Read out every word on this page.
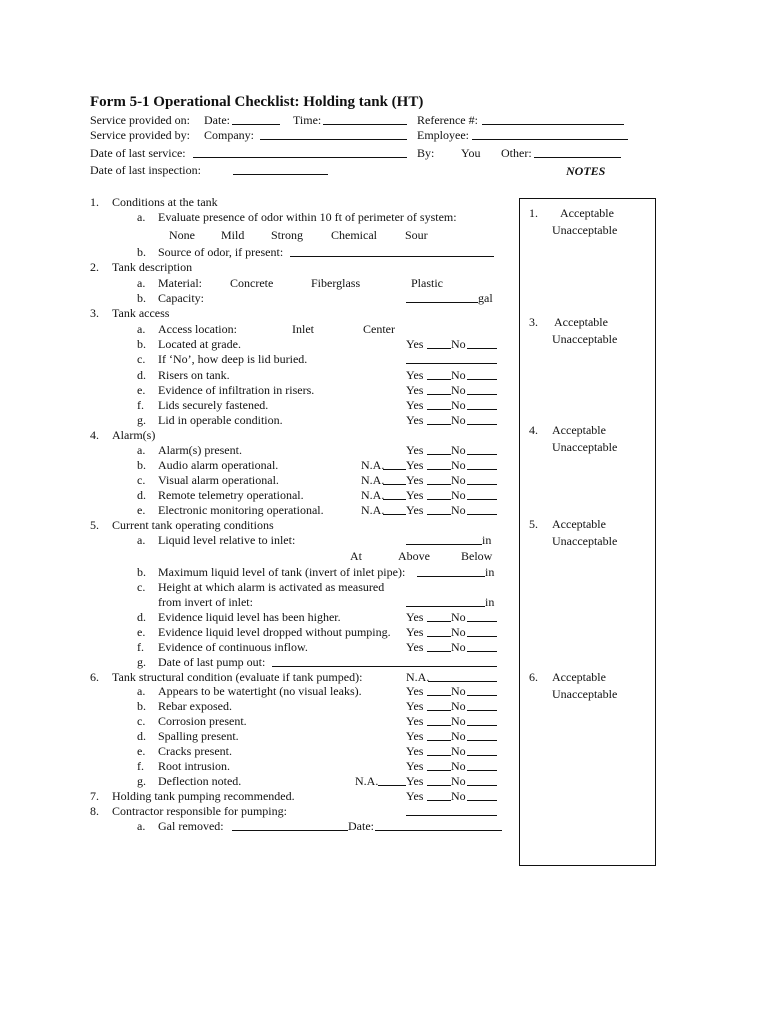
Form 5-1 Operational Checklist: Holding tank (HT)
Service provided on: Date:	Time:	Reference #:
Service provided by: Company:	Employee:
Date of last service:	By: You Other:
Date of last inspection:	NOTES
1. Conditions at the tank
a. Evaluate presence of odor within 10 ft of perimeter of system:
None Mild Strong Chemical Sour
b. Source of odor, if present:
2. Tank description
a. Material: Concrete	Fiberglass	Plastic
b. Capacity:	gal
3. Tank access
a. Access location:	Inlet	Center
b. Located at grade.	Yes No
c. If ‘No’, how deep is lid buried.
d. Risers on tank.	Yes No
e. Evidence of infiltration in risers.	Yes No
f. Lids securely fastened.	Yes No
g. Lid in operable condition.	Yes No
4. Alarm(s)
a. Alarm(s) present.	Yes No
b. Audio alarm operational.	N.A. Yes No
c. Visual alarm operational.	N.A. Yes No
d. Remote telemetry operational.	N.A. Yes No
e. Electronic monitoring operational.	N.A. Yes No
5. Current tank operating conditions
a. Liquid level relative to inlet:	in
At	Above	Below
b. Maximum liquid level of tank (invert of inlet pipe):	in
c. Height at which alarm is activated as measured
from invert of inlet:	in
d. Evidence liquid level has been higher.	Yes No
e. Evidence liquid level dropped without pumping. Yes No
f. Evidence of continuous inflow.	Yes No
g. Date of last pump out:
6. Tank structural condition (evaluate if tank pumped):	N.A.
a. Appears to be watertight (no visual leaks).	Yes No
b. Rebar exposed.	Yes No
c. Corrosion present.	Yes No
d. Spalling present.	Yes No
e. Cracks present.	Yes No
f. Root intrusion.	Yes No
g. Deflection noted.	N.A. Yes No
7. Holding tank pumping recommended.	Yes No
8. Contractor responsible for pumping:
a. Gal removed:	Date:
1. Acceptable
Unacceptable
3. Acceptable
Unacceptable
4. Acceptable
Unacceptable
5. Acceptable
Unacceptable
6. Acceptable
Unacceptable
